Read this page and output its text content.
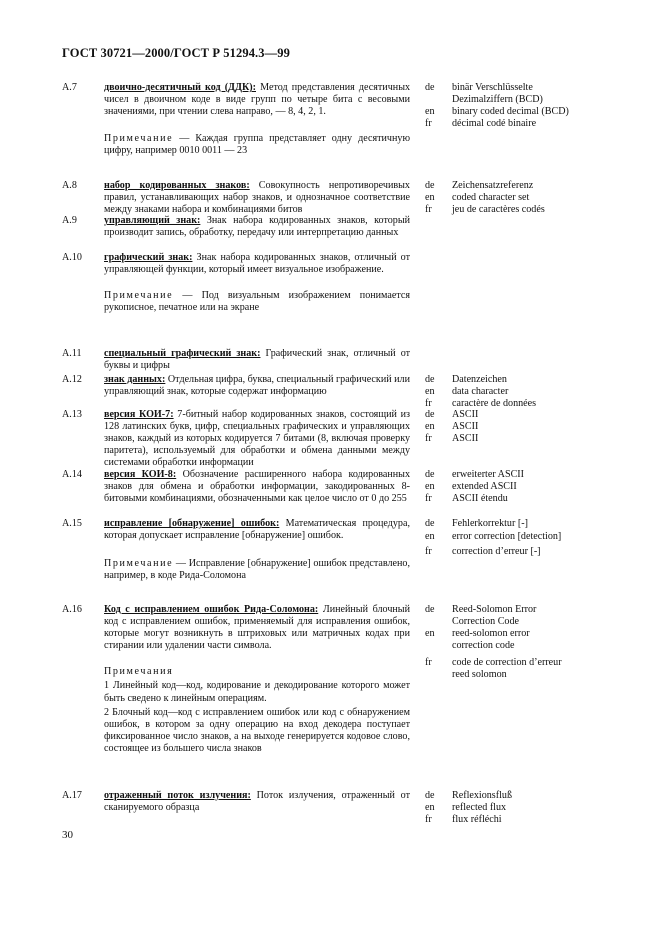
ГОСТ 30721—2000/ГОСТ Р 51294.3—99
А.7	двоично-десятичный код (ДДК): Метод представления десятичных чисел в двоичном коде в виде групп по четыре бита с весовыми значениями, при чтении слева направо, — 8, 4, 2, 1.

Примечание — Каждая группа представляет одну десятичную цифру, например 0010 0011 — 23

de	binär Verschlüsselte
Dezimalziffern (BCD)
en	binary coded decimal (BCD)
fr	décimal codé binaire
А.8	набор кодированных знаков: Совокупность непротиворечивых правил, устанавливающих набор знаков, и однозначное соответствие между знаками набора и комбинациями битов

de	Zeichensatzreferenz
en	coded character set
fr	jeu de caractères codés
А.9	управляющий знак: Знак набора кодированных знаков, который производит запись, обработку, передачу или интерпретацию данных

А.10 графический знак: Знак набора кодированных знаков, отличный от управляющей функции, который имеет визуальное изображение.

Примечание — Под визуальным изображением понимается рукописное, печатное или на экране

А.11 специальный графический знак: Графический знак, отличный от буквы и цифры

А.12 знак данных: Отдельная цифра, буква, специальный графический или управляющий знак, которые содержат информацию

de	Datenzeichen
en	data character
fr	caractère de données
А.13 версия КОИ-7: 7-битный набор кодированных знаков, состоящий из 128 латинских букв, цифр, специальных графических и управляющих знаков, каждый из которых кодируется 7 битами (8, включая проверку паритета), используемый для обработки и обмена данными между системами обработки информации

de	ASCII
en	ASCII
fr	ASCII
А.14 версия КОИ-8: Обозначение расширенного набора кодированных знаков для обмена и обработки информации, закодированных 8-битовыми комбинациями, обозначенными как целое число от 0 до 255

de	erweiterter ASCII
en	extended ASCII
fr	ASCII étendu
А.15 исправление [обнаружение] ошибок: Математическая процедура, которая допускает исправление [обнаружение] ошибок.

Примечание — Исправление [обнаружение] ошибок представлено, например, в коде Рида-Соломона

de	Fehlerkorrektur [-]
en	error correction [detection]
fr	correction d’erreur [-]
А.16 Код с исправлением ошибок Рида-Соломона: Линейный блочный код с исправлением ошибок, применяемый для исправления ошибок, которые могут возникнуть в штриховых или матричных кодах при стирании или удалении части символа.

Примечания

1 Линейный код—код, кодирование и декодирование которого может быть сведено к линейным операциям.

2 Блочный код—код с исправлением ошибок или код с обнаружением ошибок, в котором за одну операцию на вход декодера поступает фиксированное число знаков, а на выходе генерируется кодовое слово, состоящее из большего числа знаков

de	Reed-Solomon Error
Correction Code
en	reed-solomon error
correction code
fr	code de correction d’erreur
reed solomon
А.17 отраженный поток излучения: Поток излучения, отраженный от сканируемого образца

de	Reflexionsfluß
en	reflected flux
fr	flux réfléchi
30
